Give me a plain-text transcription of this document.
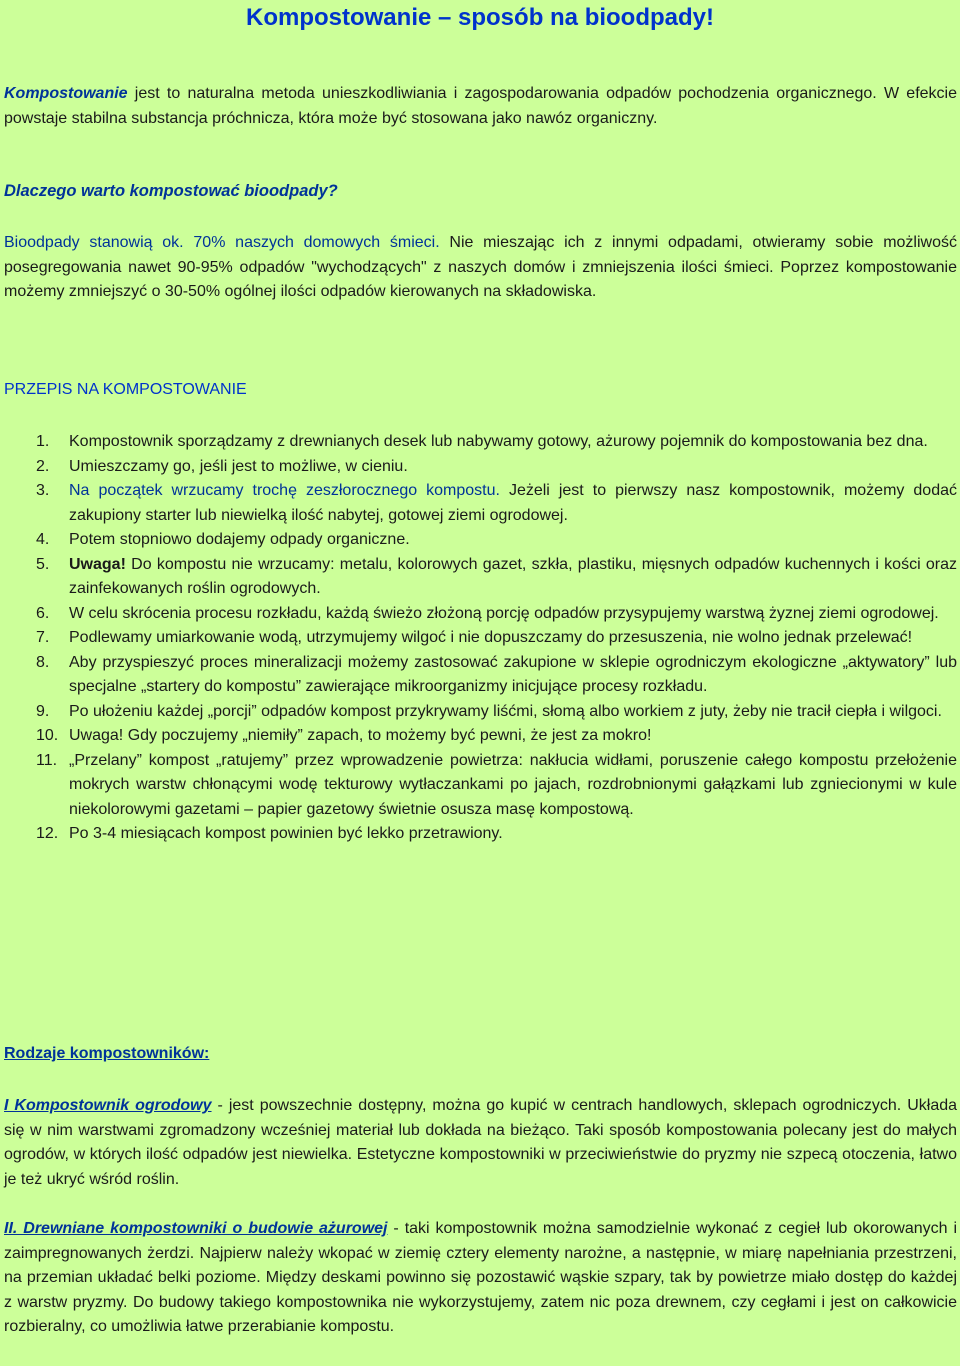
Kompostowanie – sposób na bioodpady!

Kompostowanie jest to naturalna metoda unieszkodliwiania i zagospodarowania odpadów pochodzenia organicznego. W efekcie powstaje stabilna substancja próchnicza, która może być stosowana jako nawóz organiczny.

Dlaczego warto kompostować bioodpady?

Bioodpady stanowią ok. 70% naszych domowych śmieci. Nie mieszając ich z innymi odpadami, otwieramy sobie możliwość posegregowania nawet 90-95% odpadów "wychodzących" z naszych domów i zmniejszenia ilości śmieci. Poprzez kompostowanie możemy zmniejszyć o 30-50% ogólnej ilości odpadów kierowanych na składowiska.

PRZEPIS NA KOMPOSTOWANIE

1. Kompostownik sporządzamy z drewnianych desek lub nabywamy gotowy, ażurowy pojemnik do kompostowania bez dna.
2. Umieszczamy go, jeśli jest to możliwe, w cieniu.
3. Na początek wrzucamy trochę zeszłorocznego kompostu. Jeżeli jest to pierwszy nasz kompostownik, możemy dodać zakupiony starter lub niewielką ilość nabytej, gotowej ziemi ogrodowej.
4. Potem stopniowo dodajemy odpady organiczne.
5. Uwaga! Do kompostu nie wrzucamy: metalu, kolorowych gazet, szkła, plastiku, mięsnych odpadów kuchennych i kości oraz zainfekowanych roślin ogrodowych.
6. W celu skrócenia procesu rozkładu, każdą świeżo złożoną porcję odpadów przysypujemy warstwą żyznej ziemi ogrodowej.
7. Podlewamy umiarkowanie wodą, utrzymujemy wilgoć i nie dopuszczamy do przesuszenia, nie wolno jednak przelewać!
8. Aby przyspieszyć proces mineralizacji możemy zastosować zakupione w sklepie ogrodniczym ekologiczne „aktywatory” lub specjalne „startery do kompostu” zawierające mikroorganizmy inicjujące procesy rozkładu.
9. Po ułożeniu każdej „porcji” odpadów kompost przykrywamy liśćmi, słomą albo workiem z juty, żeby nie tracił ciepła i wilgoci.
10. Uwaga! Gdy poczujemy „niemiły” zapach, to możemy być pewni, że jest za mokro!
11. „Przelany” kompost „ratujemy” przez wprowadzenie powietrza: nakłucia widłami, poruszenie całego kompostu przełożenie mokrych warstw chłonącymi wodę tekturowy wytłaczankami po jajach, rozdrobnionymi gałązkami lub zgniecionymi w kule niekolorowymi gazetami – papier gazetowy świetnie osusza masę kompostową.
12. Po 3-4 miesiącach kompost powinien być lekko przetrawiony.

Rodzaje kompostowników:

I Kompostownik ogrodowy - jest powszechnie dostępny, można go kupić w centrach handlowych, sklepach ogrodniczych. Układa się w nim warstwami zgromadzony wcześniej materiał lub dokłada na bieżąco. Taki sposób kompostowania polecany jest do małych ogrodów, w których ilość odpadów jest niewielka. Estetyczne kompostowniki w przeciwieństwie do pryzmy nie szpecą otoczenia, łatwo je też ukryć wśród roślin.

II. Drewniane kompostowniki o budowie ażurowej - taki kompostownik można samodzielnie wykonać z cegieł lub okorowanych i zaimpregnowanych żerdzi. Najpierw należy wkopać w ziemię cztery elementy narożne, a następnie, w miarę napełniania przestrzeni, na przemian układać belki poziome. Między deskami powinno się pozostawić wąskie szpary, tak by powietrze miało dostęp do każdej z warstw pryzmy. Do budowy takiego kompostownika nie wykorzystujemy, zatem nic poza drewnem, czy cegłami i jest on całkowicie rozbieralny, co umożliwia łatwe przerabianie kompostu.
